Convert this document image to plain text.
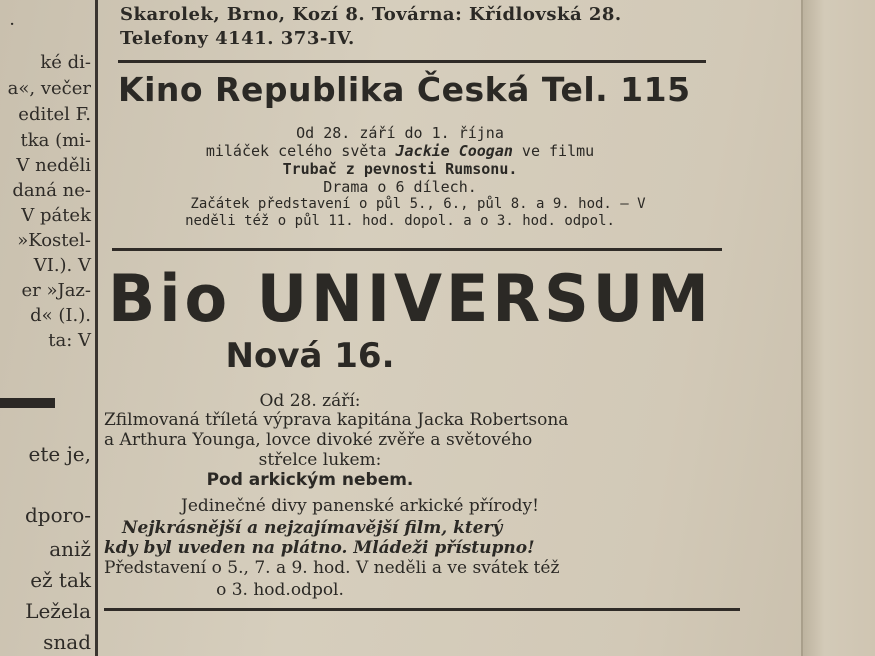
·
ké di-
a«, večer
editel F.
tka (mi-
V neděli
daná ne-
V pátek
»Kostel-
VI.). V
er »Jaz-
d« (I.).
ta: V
ete je,
dporo-
aniž
ež tak
Ležela
snad
Skarolek, Brno, Kozí 8. Továrna: Křídlovská 28.
Telefony 4141. 373-IV.
Kino Republika Česká Tel. 115
Od 28. září do 1. října
miláček celého světa Jackie Coogan ve filmu
Trubač z pevnosti Rumsonu.
Drama o 6 dílech.
Začátek představení o půl 5., 6., půl 8. a 9. hod. — V
neděli též o půl 11. hod. dopol. a o 3. hod. odpol.
Bio UNIVERSUM
Nová 16.
Od 28. září:
Zfilmovaná tříletá výprava kapitána Jacka Robertsona
a Arthura Younga, lovce divoké zvěře a světového
střelce lukem:
Pod arkickým nebem.
Jedinečné divy panenské arkické přírody!
Nejkrásnější a nejzajímavější film, který
kdy byl uveden na plátno. Mládeži přístupno!
Představení o 5., 7. a 9. hod. V neděli a ve svátek též
o 3. hod.odpol.
